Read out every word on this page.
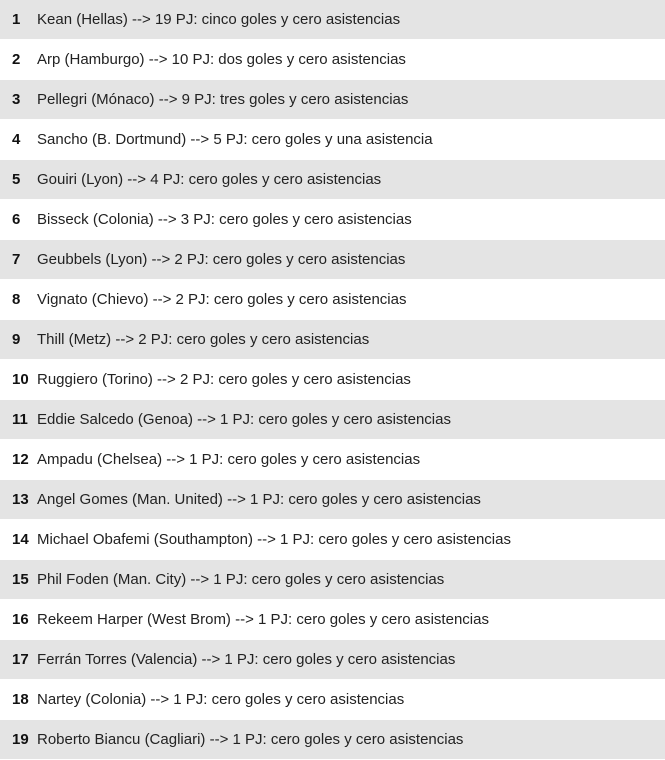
1	Kean (Hellas) --> 19 PJ: cinco goles y cero asistencias
2	Arp (Hamburgo) --> 10 PJ: dos goles y cero asistencias
3	Pellegri (Mónaco) --> 9 PJ: tres goles y cero asistencias
4	Sancho (B. Dortmund) --> 5 PJ: cero goles y una asistencia
5	Gouiri (Lyon) --> 4 PJ: cero goles y cero asistencias
6	Bisseck (Colonia) --> 3 PJ: cero goles y cero asistencias
7	Geubbels (Lyon) --> 2 PJ: cero goles y cero asistencias
8	Vignato (Chievo) --> 2 PJ: cero goles y cero asistencias
9	Thill (Metz) --> 2 PJ: cero goles y cero asistencias
10 Ruggiero (Torino) --> 2 PJ: cero goles y cero asistencias
11 Eddie Salcedo (Genoa) --> 1 PJ: cero goles y cero asistencias
12 Ampadu (Chelsea) --> 1 PJ: cero goles y cero asistencias
13 Angel Gomes (Man. United) --> 1 PJ: cero goles y cero asistencias
14 Michael Obafemi (Southampton) --> 1 PJ: cero goles y cero asistencias
15 Phil Foden (Man. City) --> 1 PJ: cero goles y cero asistencias
16 Rekeem Harper (West Brom) --> 1 PJ: cero goles y cero asistencias
17 Ferrán Torres (Valencia) --> 1 PJ: cero goles y cero asistencias
18 Nartey (Colonia) --> 1 PJ: cero goles y cero asistencias
19 Roberto Biancu (Cagliari) --> 1 PJ: cero goles y cero asistencias
